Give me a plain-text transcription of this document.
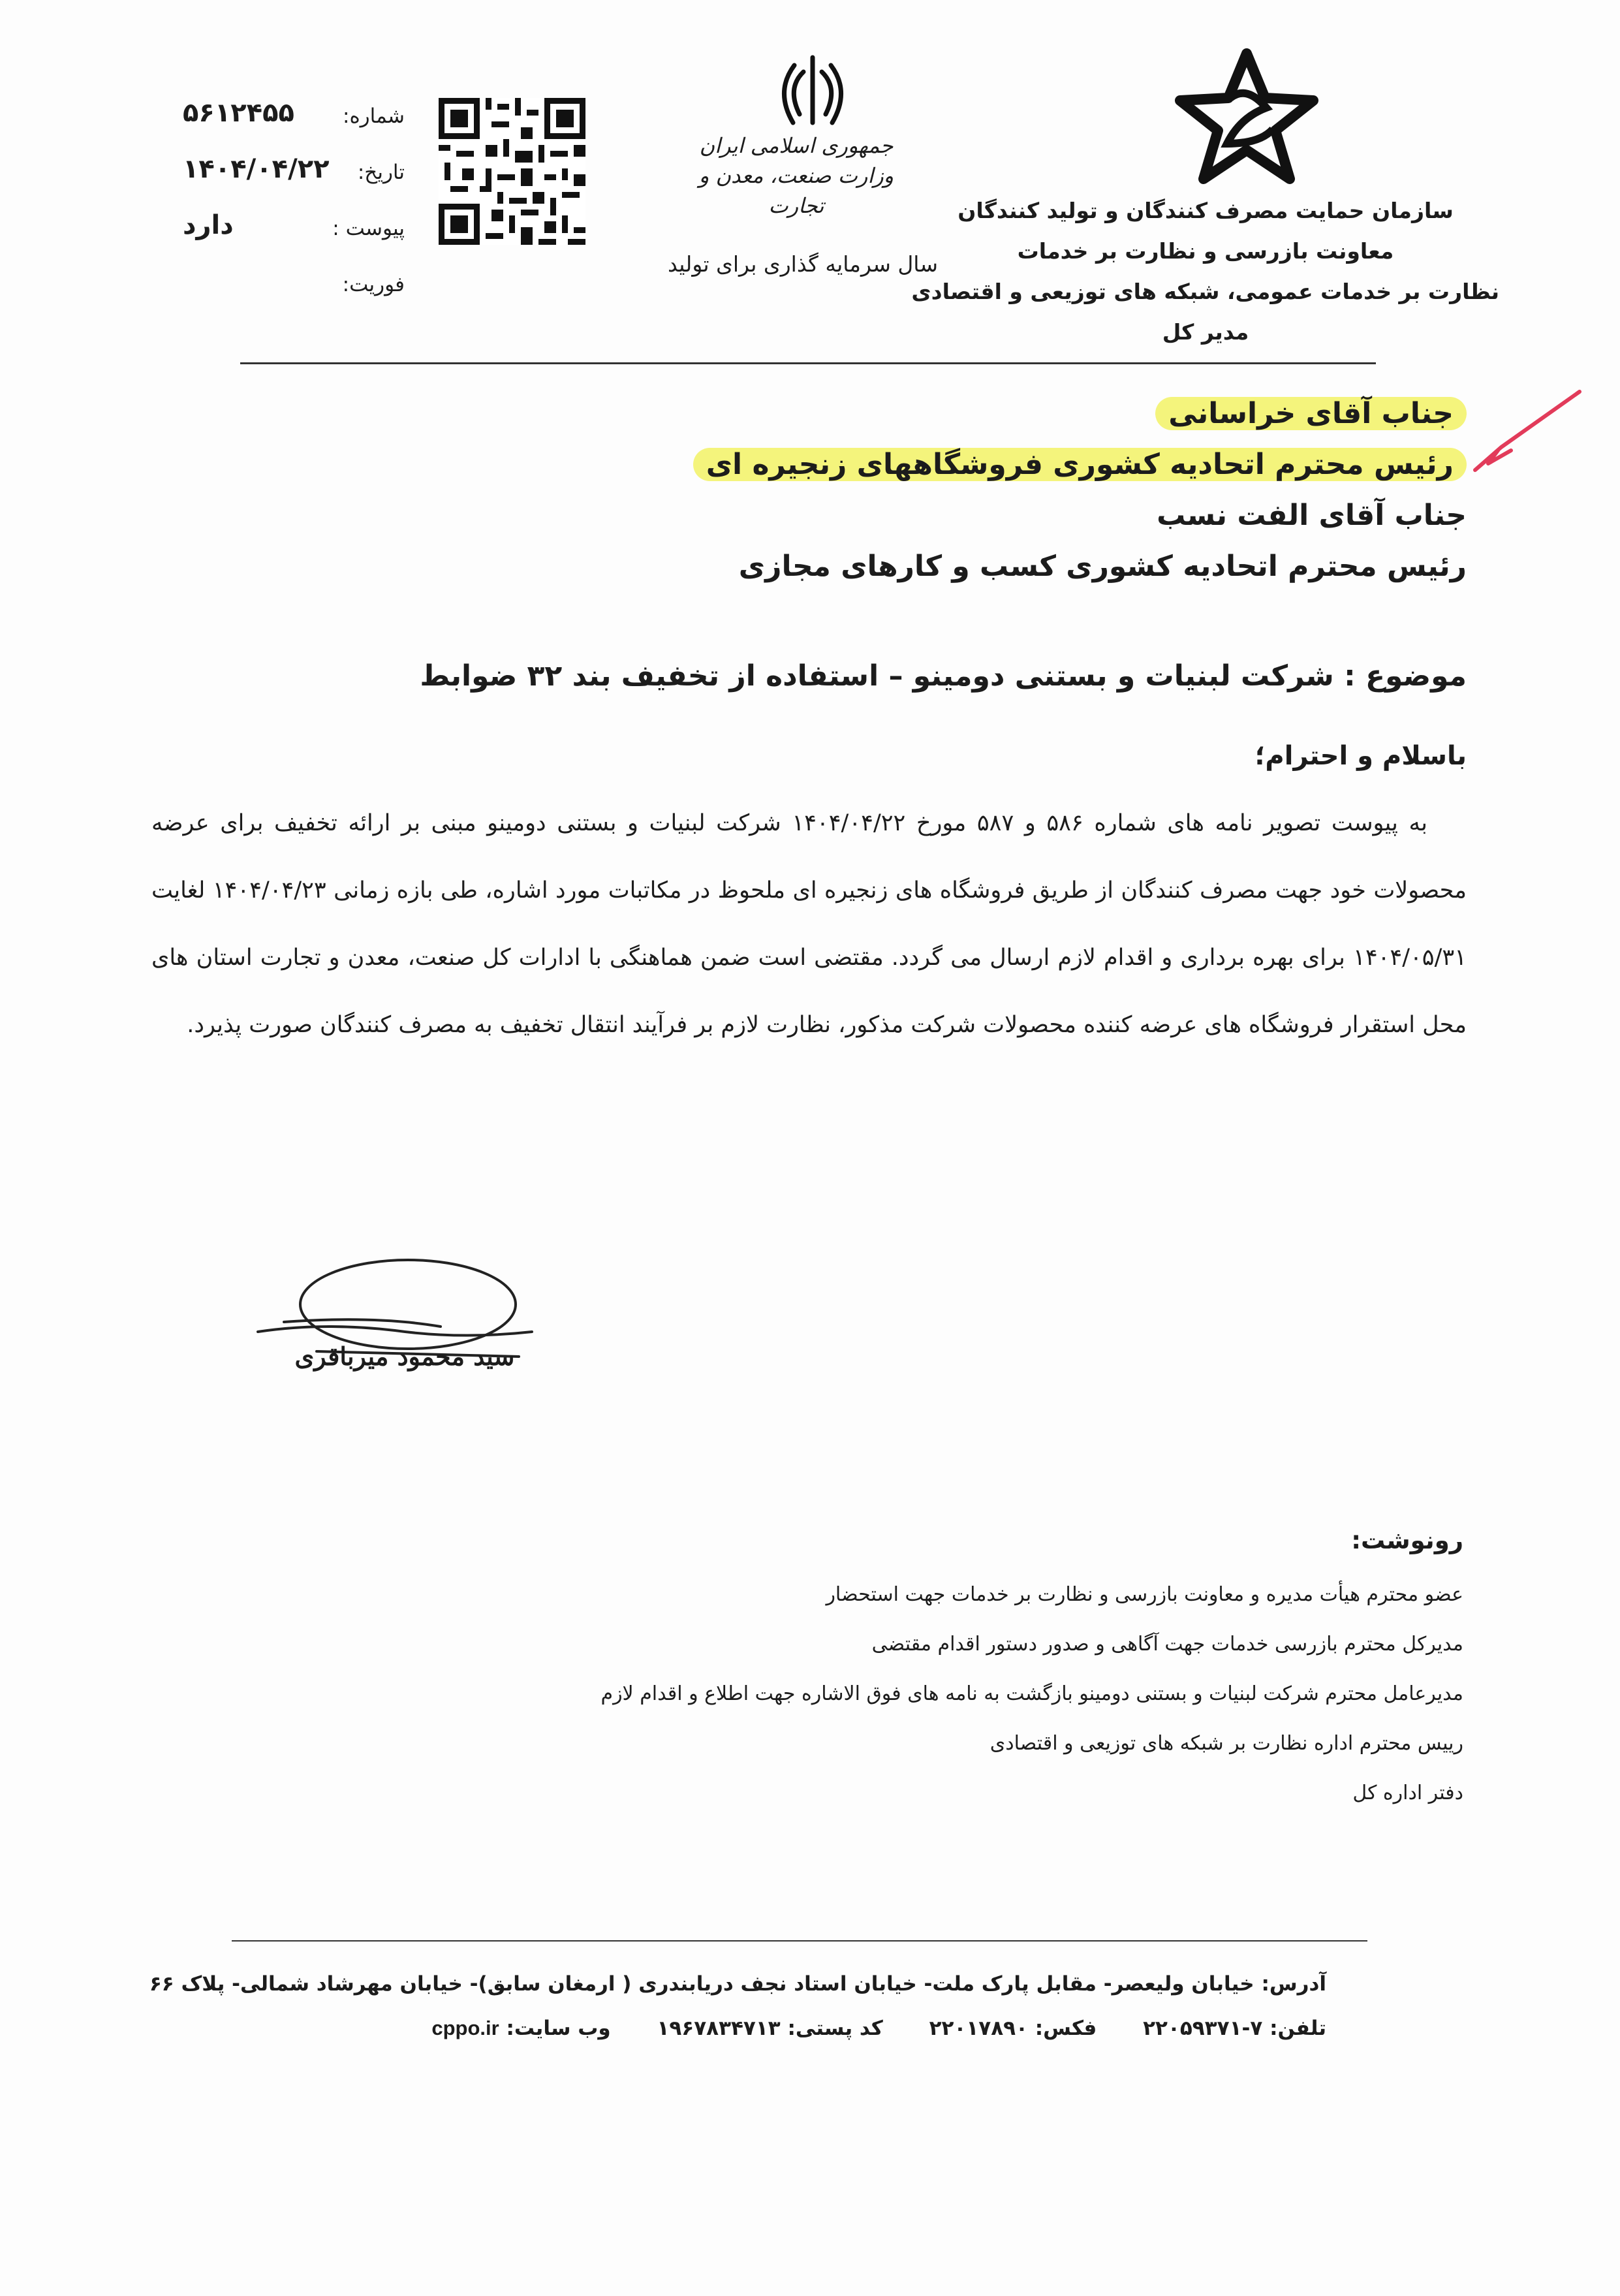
سازمان حمایت مصرف کنندگان و تولید کنندگان
معاونت بازرسی و نظارت بر خدمات
نظارت بر خدمات عمومی، شبکه های توزیعی و اقتصادی
مدیر کل
جمهوری اسلامی ایران
وزارت صنعت، معدن و تجارت
سال سرمایه گذاری برای تولید
شماره:
۵۶۱۲۴۵۵
تاریخ:
۱۴۰۴/۰۴/۲۲
پیوست :
دارد
فوریت:
جناب آقای خراسانی
رئیس محترم اتحادیه کشوری فروشگاههای زنجیره ای
جناب آقای الفت نسب
رئیس محترم اتحادیه کشوری کسب و کارهای مجازی
موضوع : شرکت لبنیات و بستنی دومینو – استفاده از تخفیف بند ۳۲ ضوابط
باسلام و احترام؛

به پیوست تصویر نامه های شماره ۵۸۶ و ۵۸۷ مورخ ۱۴۰۴/۰۴/۲۲ شرکت لبنیات و بستنی دومینو مبنی بر ارائه تخفیف برای عرضه محصولات خود جهت مصرف کنندگان از طریق فروشگاه های زنجیره ای ملحوظ در مکاتبات مورد اشاره، طی بازه زمانی ۱۴۰۴/۰۴/۲۳ لغایت ۱۴۰۴/۰۵/۳۱ برای بهره برداری و اقدام لازم ارسال می گردد. مقتضی است ضمن هماهنگی با ادارات کل صنعت، معدن و تجارت استان های محل استقرار فروشگاه های عرضه کننده محصولات شرکت مذکور، نظارت لازم بر فرآیند انتقال تخفیف به مصرف کنندگان صورت پذیرد.

سید محمود میرباقری
رونوشت:
عضو محترم هیأت مدیره و معاونت بازرسی و نظارت بر خدمات جهت استحضار
مدیرکل محترم بازرسی خدمات جهت آگاهی و صدور دستور اقدام مقتضی
مدیرعامل محترم شرکت لبنیات و بستنی دومینو بازگشت به نامه های فوق الاشاره جهت اطلاع و اقدام لازم
رییس محترم اداره نظارت بر شبکه های توزیعی و اقتصادی
دفتر اداره کل
آدرس: خیابان ولیعصر- مقابل پارک ملت- خیابان استاد نجف دریابندری ( ارمغان سابق)- خیابان مهرشاد شمالی- پلاک ۶۶
تلفن: ۷-۲۲۰۵۹۳۷۱ فکس: ۲۲۰۱۷۸۹۰ کد پستی: ۱۹۶۷۸۳۴۷۱۳ وب سایت: cppo.ir
